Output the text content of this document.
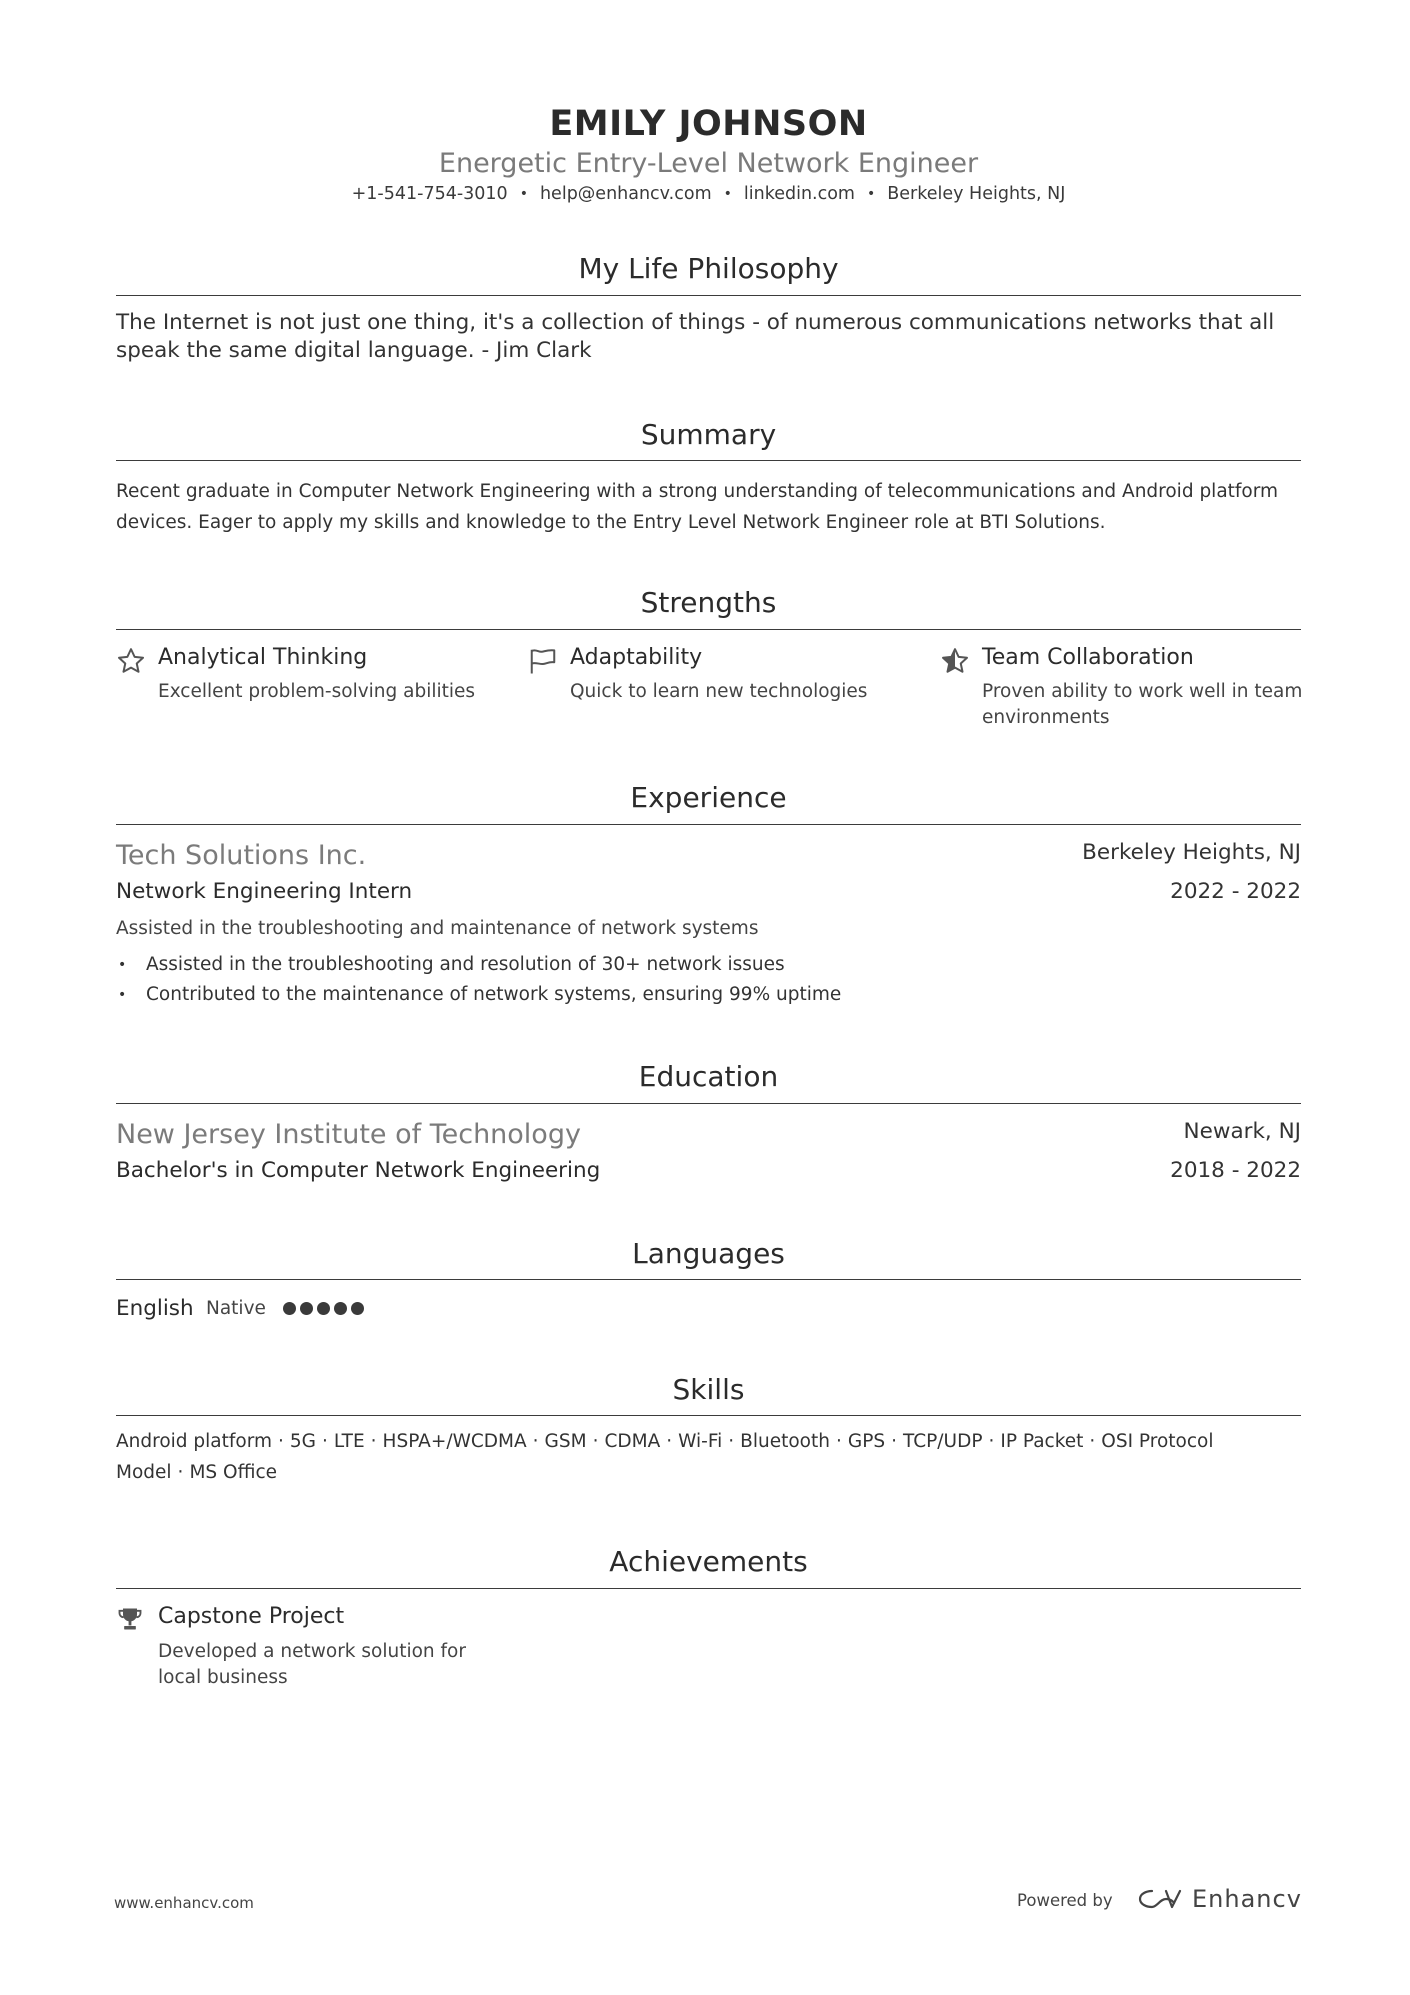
EMILY JOHNSON
Energetic Entry-Level Network Engineer
+1-541-754-3010 • help@enhancv.com • linkedin.com • Berkeley Heights, NJ
My Life Philosophy
The Internet is not just one thing, it's a collection of things - of numerous communications networks that all speak the same digital language. - Jim Clark
Summary
Recent graduate in Computer Network Engineering with a strong understanding of telecommunications and Android platform devices. Eager to apply my skills and knowledge to the Entry Level Network Engineer role at BTI Solutions.
Strengths
Analytical Thinking
Excellent problem-solving abilities
Adaptability
Quick to learn new technologies
Team Collaboration
Proven ability to work well in team environments
Experience
Tech Solutions Inc.	Berkeley Heights, NJ
Network Engineering Intern	2022 - 2022
Assisted in the troubleshooting and maintenance of network systems
• Assisted in the troubleshooting and resolution of 30+ network issues
• Contributed to the maintenance of network systems, ensuring 99% uptime
Education
New Jersey Institute of Technology	Newark, NJ
Bachelor's in Computer Network Engineering	2018 - 2022
Languages
English Native
Skills
Android platform · 5G · LTE · HSPA+/WCDMA · GSM · CDMA · Wi-Fi · Bluetooth · GPS · TCP/UDP · IP Packet · OSI Protocol Model · MS Office
Achievements
Capstone Project
Developed a network solution for local business
www.enhancv.com	Powered by	Enhancv
